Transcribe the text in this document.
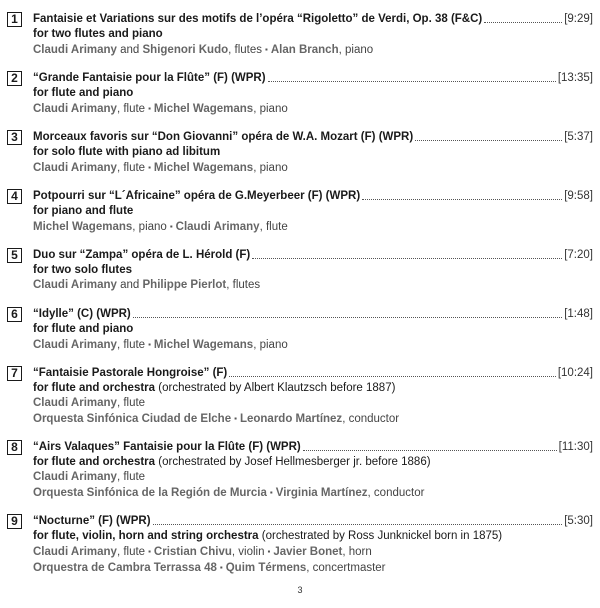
1	Fantaisie et Variations sur des motifs de l’opéra “Rigoletto” de Verdi, Op. 38 (F&C)	[9:29]
for two flutes and piano
Claudi Arimany and Shigenori Kudo, flutes ▪ Alan Branch, piano
2	“Grande Fantaisie pour la Flûte” (F) (WPR)	[13:35]
for flute and piano
Claudi Arimany, flute ▪ Michel Wagemans, piano
3	Morceaux favoris sur “Don Giovanni” opéra de W.A. Mozart (F) (WPR)	[5:37]
for solo flute with piano ad libitum
Claudi Arimany, flute ▪ Michel Wagemans, piano
4	Potpourri sur “L´Africaine” opéra de G.Meyerbeer (F) (WPR)	[9:58]
for piano and flute
Michel Wagemans, piano ▪ Claudi Arimany, flute
5	Duo sur “Zampa” opéra de L. Hérold (F)	[7:20]
for two solo flutes
Claudi Arimany and Philippe Pierlot, flutes
6	“Idylle” (C) (WPR)	[1:48]
for flute and piano
Claudi Arimany, flute ▪ Michel Wagemans, piano
7	“Fantaisie Pastorale Hongroise” (F)	[10:24]
for flute and orchestra (orchestrated by Albert Klautzsch before 1887)
Claudi Arimany, flute
Orquesta Sinfónica Ciudad de Elche ▪ Leonardo Martínez, conductor
8	“Airs Valaques” Fantaisie pour la Flûte (F) (WPR)	[11:30]
for flute and orchestra (orchestrated by Josef Hellmesberger jr. before 1886)
Claudi Arimany, flute
Orquesta Sinfónica de la Región de Murcia ▪ Virginia Martínez, conductor
9	“Nocturne” (F) (WPR)	[5:30]
for flute, violin, horn and string orchestra (orchestrated by Ross Junknickel born in 1875)
Claudi Arimany, flute ▪ Cristian Chivu, violin ▪ Javier Bonet, horn
Orquestra de Cambra Terrassa 48 ▪ Quim Térmens, concertmaster
3
